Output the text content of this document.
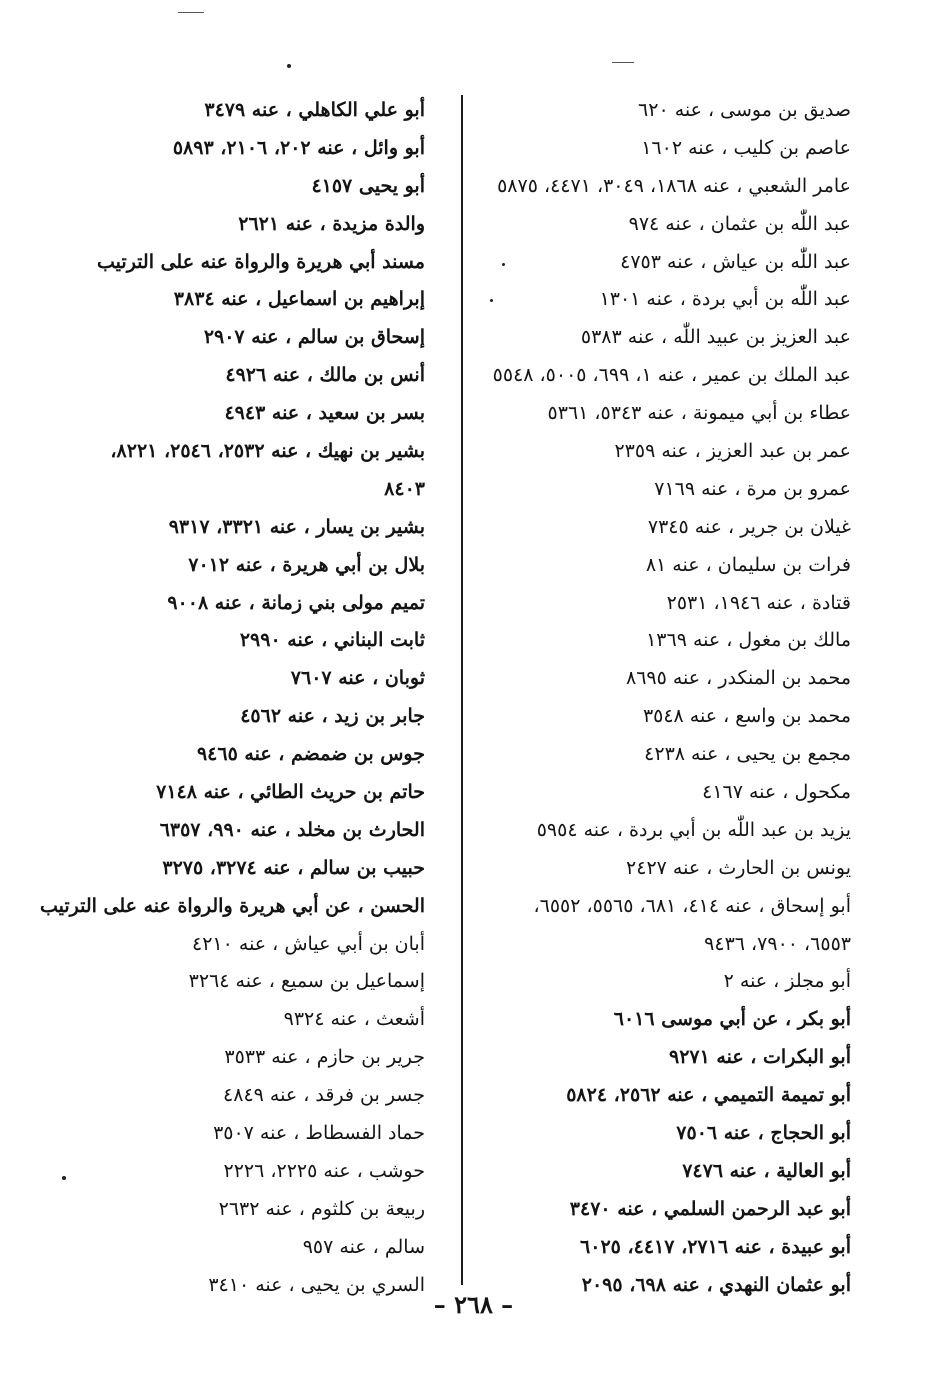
صديق بن موسى ، عنه ٦٢٠
عاصم بن كليب ، عنه ١٦٠٢
عامر الشعبي ، عنه ١٨٦٨، ٣٠٤٩، ٤٤٧١، ٥٨٧٥
عبد اللّٰه بن عثمان ، عنه ٩٧٤
عبد اللّٰه بن عياش ، عنه ٤٧٥٣
عبد اللّٰه بن أبي بردة ، عنه ١٣٠١
عبد العزيز بن عبيد اللّٰه ، عنه ٥٣٨٣
عبد الملك بن عمير ، عنه ١، ٦٩٩، ٥٠٠٥، ٥٥٤٨
عطاء بن أبي ميمونة ، عنه ٥٣٤٣، ٥٣٦١
عمر بن عبد العزيز ، عنه ٢٣٥٩
عمرو بن مرة ، عنه ٧١٦٩
غيلان بن جرير ، عنه ٧٣٤٥
فرات بن سليمان ، عنه ٨١
قتادة ، عنه ١٩٤٦، ٢٥٣١
مالك بن مغول ، عنه ١٣٦٩
محمد بن المنكدر ، عنه ٨٦٩٥
محمد بن واسع ، عنه ٣٥٤٨
مجمع بن يحيى ، عنه ٤٢٣٨
مكحول ، عنه ٤١٦٧
يزيد بن عبد اللّٰه بن أبي بردة ، عنه ٥٩٥٤
يونس بن الحارث ، عنه ٢٤٢٧
أبو إسحاق ، عنه ٤١٤، ٦٨١، ٥٥٦٥، ٦٥٥٢،
٦٥٥٣، ٧٩٠٠، ٩٤٣٦
أبو مجلز ، عنه ٢
أبو بكر ، عن أبي موسى ٦٠١٦
أبو البكرات ، عنه ٩٢٧١
أبو تميمة التميمي ، عنه ٢٥٦٢، ٥٨٢٤
أبو الحجاج ، عنه ٧٥٠٦
أبو العالية ، عنه ٧٤٧٦
أبو عبد الرحمن السلمي ، عنه ٣٤٧٠
أبو عبيدة ، عنه ٢٧١٦، ٤٤١٧، ٦٠٢٥
أبو عثمان النهدي ، عنه ٦٩٨، ٢٠٩٥
أبو علي الكاهلي ، عنه ٣٤٧٩
أبو وائل ، عنه ٢٠٢، ٢١٠٦، ٥٨٩٣
أبو يحيى ٤١٥٧
والدة مزيدة ، عنه ٢٦٢١
مسند أبي هريرة والرواة عنه على الترتيب
إبراهيم بن اسماعيل ، عنه ٣٨٣٤
إسحاق بن سالم ، عنه ٢٩٠٧
أنس بن مالك ، عنه ٤٩٢٦
بسر بن سعيد ، عنه ٤٩٤٣
بشير بن نهيك ، عنه ٢٥٣٢، ٢٥٤٦، ٨٢٢١،
٨٤٠٣
بشير بن يسار ، عنه ٣٣٢١، ٩٣١٧
بلال بن أبي هريرة ، عنه ٧٠١٢
تميم مولى بني زمانة ، عنه ٩٠٠٨
ثابت البناني ، عنه ٢٩٩٠
ثوبان ، عنه ٧٦٠٧
جابر بن زيد ، عنه ٤٥٦٢
جوس بن ضمضم ، عنه ٩٤٦٥
حاتم بن حريث الطائي ، عنه ٧١٤٨
الحارث بن مخلد ، عنه ٩٩٠، ٦٣٥٧
حبيب بن سالم ، عنه ٣٢٧٤، ٣٢٧٥
الحسن ، عن أبي هريرة والرواة عنه على الترتيب
أبان بن أبي عياش ، عنه ٤٢١٠
إسماعيل بن سميع ، عنه ٣٢٦٤
أشعث ، عنه ٩٣٢٤
جرير بن حازم ، عنه ٣٥٣٣
جسر بن فرقد ، عنه ٤٨٤٩
حماد الفسطاط ، عنه ٣٥٠٧
حوشب ، عنه ٢٢٢٥، ٢٢٢٦
ربيعة بن كلثوم ، عنه ٢٦٣٢
سالم ، عنه ٩٥٧
السري بن يحيى ، عنه ٣٤١٠
– ٢٦٨ –
